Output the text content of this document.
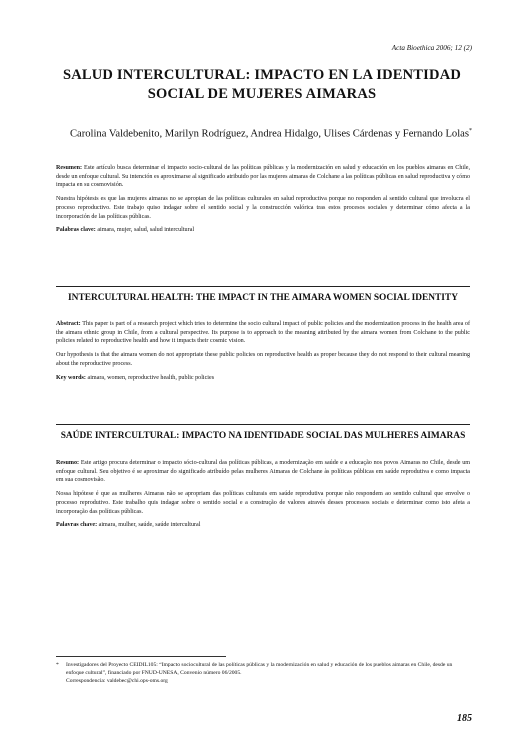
Acta Bioethica 2006; 12 (2)
SALUD INTERCULTURAL: IMPACTO EN LA IDENTIDAD SOCIAL DE MUJERES AIMARAS
Carolina Valdebenito, Marilyn Rodríguez, Andrea Hidalgo, Ulises Cárdenas y Fernando Lolas*

Resumen: Este artículo busca determinar el impacto socio-cultural de las políticas públicas y la modernización en salud y educación en los pueblos aimaras en Chile, desde un enfoque cultural. Su intención es aproximarse al significado atribuido por las mujeres aimaras de Colchane a las políticas públicas en salud reproductiva y cómo impacta en su cosmovisión.

Nuestra hipótesis es que las mujeres aimaras no se apropian de las políticas culturales en salud reproductiva porque no responden al sentido cultural que involucra el proceso reproductivo. Este trabajo quiso indagar sobre el sentido social y la construcción valórica tras estos procesos sociales y determinar cómo afecta a la incorporación de las políticas públicas.

Palabras clave: aimara, mujer, salud, salud intercultural

INTERCULTURAL HEALTH: THE IMPACT IN THE AIMARA WOMEN SOCIAL IDENTITY

Abstract: This paper is part of a research project which tries to determine the socio cultural impact of public policies and the modernization process in the health area of the aimara ethnic group in Chile, from a cultural perspective. Its purpose is to approach to the meaning attributed by the aimara women from Colchane to the public policies related to reproductive health and how it impacts their cosmic vision.

Our hypothesis is that the aimara women do not appropriate these public policies on reproductive health as proper because they do not respond to their cultural meaning about the reproductive process.

Key words: aimara, women, reproductive health, public policies

SAÚDE INTERCULTURAL: IMPACTO NA IDENTIDADE SOCIAL DAS MULHERES AIMARAS

Resumo: Este artigo procura determinar o impacto sócio-cultural das políticas públicas, a modernização em saúde e a educação nos povos Aimaras no Chile, desde um enfoque cultural. Seu objetivo é se aproximar do significado atribuído pelas mulheres Aimaras de Colchane às políticas públicas em saúde reprodutiva e como impacta em sua cosmovisão.

Nossa hipótese é que as mulheres Aimaras não se apropriam das políticas culturais em saúde reprodutiva porque não respondem ao sentido cultural que envolve o processo reprodutivo. Este trabalho quis indagar sobre o sentido social e a construção de valores através desses processos sociais e determinar como isto afeta a incorporação das políticas públicas.

Palavras chave: aimara, mulher, saúde, saúde intercultural

* Investigadores del Proyecto CEIDIL105: “Impacto sociocultural de las políticas públicas y la modernización en salud y educación de los pueblos aimaras en Chile, desde un enfoque cultural”, financiado por FNUD-UNESA, Convenio número 06/2005.
Correspondencia: valdebec@chi.ops-oms.org
185
